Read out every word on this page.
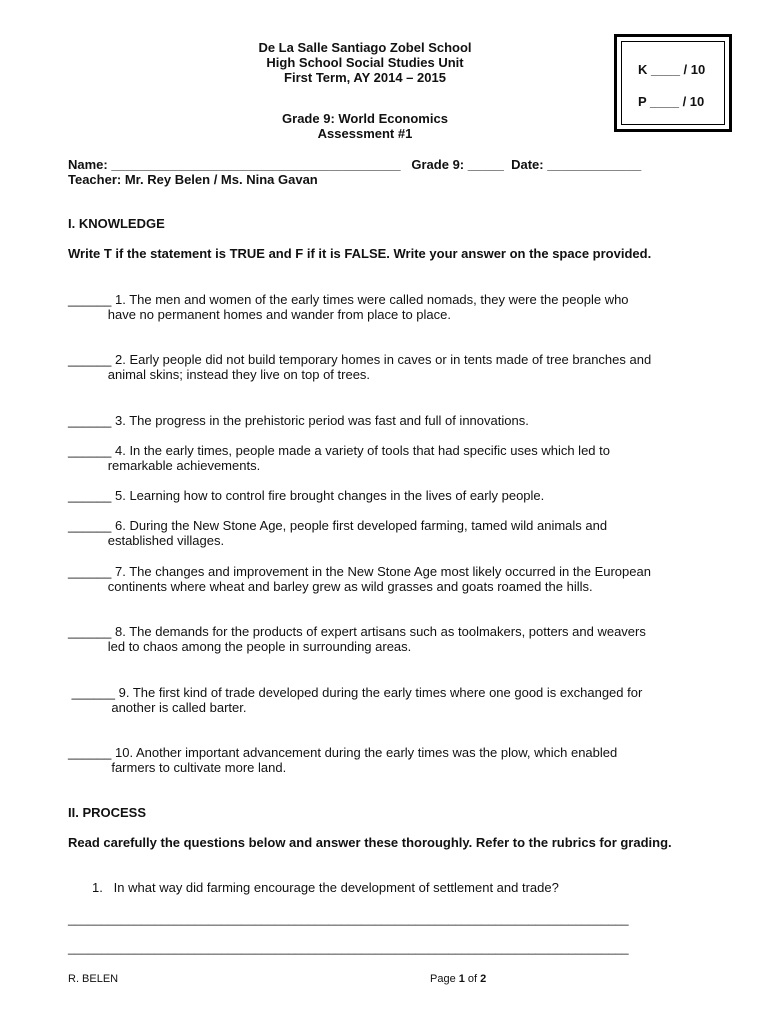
De La Salle Santiago Zobel School
High School Social Studies Unit
First Term, AY 2014 – 2015
Grade 9: World Economics
Assessment #1
K ____ / 10
P ____ / 10
Name: ________________________________________   Grade 9: _____  Date: _____________
Teacher: Mr. Rey Belen / Ms. Nina Gavan
I. KNOWLEDGE
Write T if the statement is TRUE and F if it is FALSE. Write your answer on the space provided.
______ 1. The men and women of the early times were called nomads, they were the people who
have no permanent homes and wander from place to place.
______ 2. Early people did not build temporary homes in caves or in tents made of tree branches and
animal skins; instead they live on top of trees.
______ 3. The progress in the prehistoric period was fast and full of innovations.
______ 4. In the early times, people made a variety of tools that had specific uses which led to
remarkable achievements.
______ 5. Learning how to control fire brought changes in the lives of early people.
______ 6. During the New Stone Age, people first developed farming, tamed wild animals and
established villages.
______ 7. The changes and improvement in the New Stone Age most likely occurred in the European
continents where wheat and barley grew as wild grasses and goats roamed the hills.
______ 8. The demands for the products of expert artisans such as toolmakers, potters and weavers
led to chaos among the people in surrounding areas.
______ 9. The first kind of trade developed during the early times where one good is exchanged for
another is called barter.
______ 10. Another important advancement during the early times was the plow, which enabled
farmers to cultivate more land.
II. PROCESS
Read carefully the questions below and answer these thoroughly. Refer to the rubrics for grading.
1.   In what way did farming encourage the development of settlement and trade?
____________________________________________________________________________________
____________________________________________________________________________________
R. BELEN	Page 1 of 2
